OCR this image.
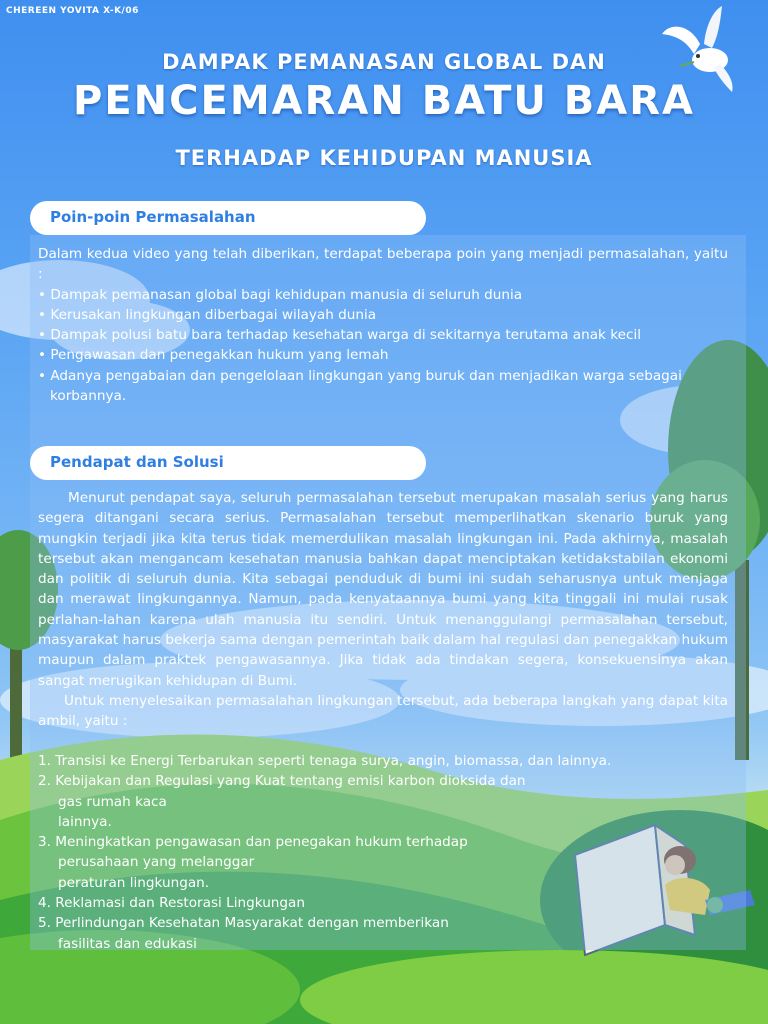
CHEREEN YOVITA X-K/06
DAMPAK PEMANASAN GLOBAL DAN
PENCEMARAN BATU BARA
TERHADAP KEHIDUPAN MANUSIA
Poin-poin Permasalahan

Dalam kedua video yang telah diberikan, terdapat beberapa poin yang menjadi permasalahan, yaitu :

• Dampak pemanasan global bagi kehidupan manusia di seluruh dunia

• Kerusakan lingkungan diberbagai wilayah dunia

• Dampak polusi batu bara terhadap kesehatan warga di sekitarnya terutama anak kecil

• Pengawasan dan penegakkan hukum yang lemah

• Adanya pengabaian dan pengelolaan lingkungan yang buruk dan menjadikan warga sebagai

korbannya.

Pendapat dan Solusi

Menurut pendapat saya, seluruh permasalahan tersebut merupakan masalah serius yang harus segera ditangani secara serius. Permasalahan tersebut memperlihatkan skenario buruk yang mungkin terjadi jika kita terus tidak memerdulikan masalah lingkungan ini. Pada akhirnya, masalah tersebut akan mengancam kesehatan manusia bahkan dapat menciptakan ketidakstabilan ekonomi dan politik di seluruh dunia. Kita sebagai penduduk di bumi ini sudah seharusnya untuk menjaga dan merawat lingkungannya. Namun, pada kenyataannya bumi yang kita tinggali ini mulai rusak perlahan-lahan karena ulah manusia itu sendiri. Untuk menanggulangi permasalahan tersebut, masyarakat harus bekerja sama dengan pemerintah baik dalam hal regulasi dan penegakkan hukum maupun dalam praktek pengawasannya. Jika tidak ada tindakan segera, konsekuensinya akan sangat merugikan kehidupan di Bumi.

Untuk menyelesaikan permasalahan lingkungan tersebut, ada beberapa langkah yang dapat kita ambil, yaitu :

1. Transisi ke Energi Terbarukan seperti tenaga surya, angin, biomassa, dan lainnya.

2. Kebijakan dan Regulasi yang Kuat tentang emisi karbon dioksida dan

gas rumah kaca

lainnya.

3. Meningkatkan pengawasan dan penegakan hukum terhadap

perusahaan yang melanggar

peraturan lingkungan.

4. Reklamasi dan Restorasi Lingkungan

5. Perlindungan Kesehatan Masyarakat dengan memberikan

fasilitas dan edukasi
